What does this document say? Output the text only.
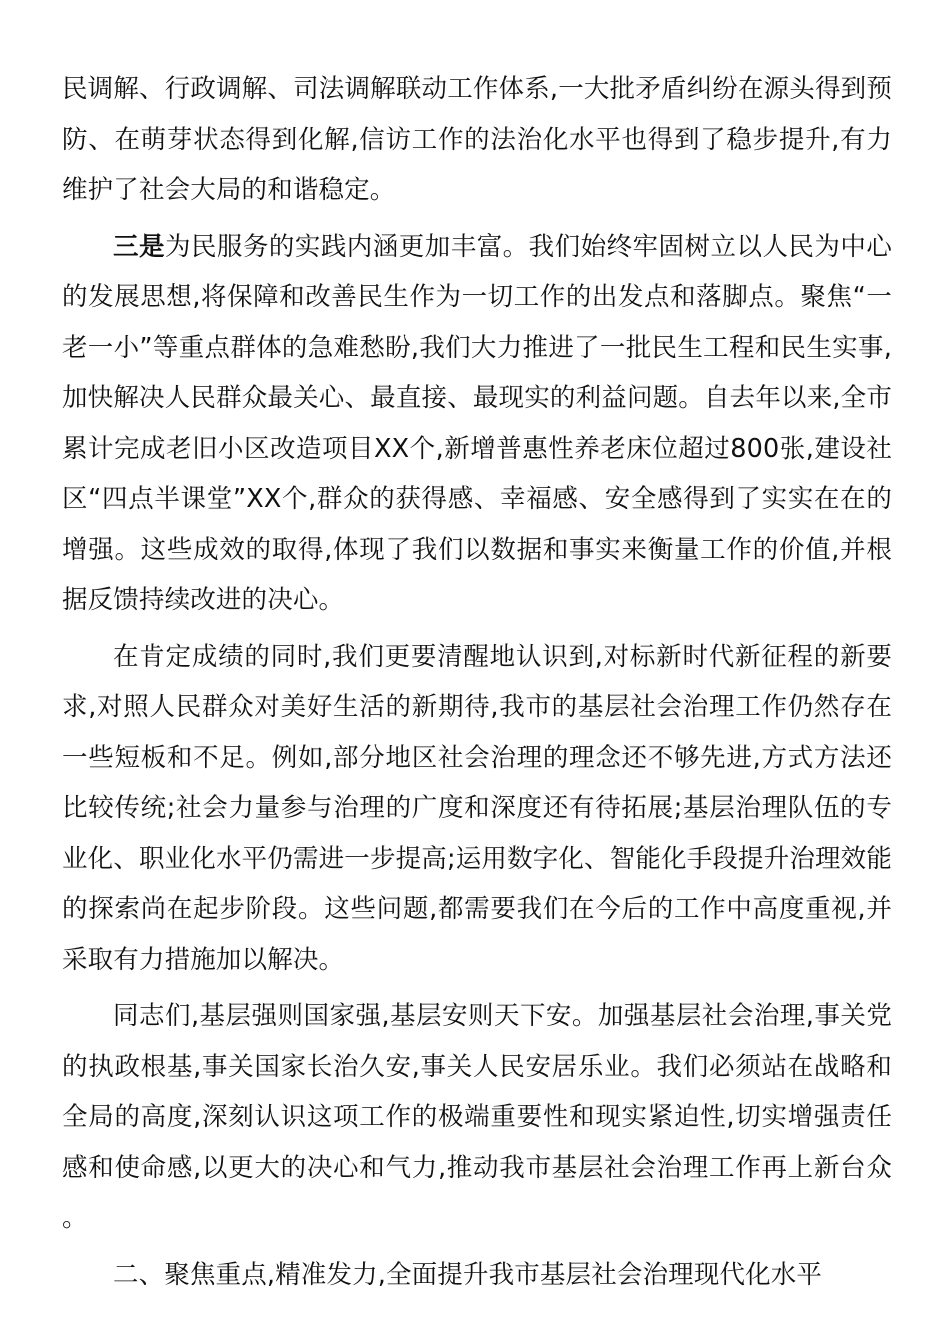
民调解、行政调解、司法调解联动工作体系,一大批矛盾纠纷在源头得到预防、在萌芽状态得到化解,信访工作的法治化水平也得到了稳步提升,有力维护了社会大局的和谐稳定。

三是为民服务的实践内涵更加丰富。我们始终牢固树立以人民为中心的发展思想,将保障和改善民生作为一切工作的出发点和落脚点。聚焦“一老一小”等重点群体的急难愁盼,我们大力推进了一批民生工程和民生实事,加快解决人民群众最关心、最直接、最现实的利益问题。自去年以来,全市累计完成老旧小区改造项目XX个,新增普惠性养老床位超过800张,建设社区“四点半课堂”XX个,群众的获得感、幸福感、安全感得到了实实在在的增强。这些成效的取得,体现了我们以数据和事实来衡量工作的价值,并根据反馈持续改进的决心。

在肯定成绩的同时,我们更要清醒地认识到,对标新时代新征程的新要求,对照人民群众对美好生活的新期待,我市的基层社会治理工作仍然存在一些短板和不足。例如,部分地区社会治理的理念还不够先进,方式方法还比较传统;社会力量参与治理的广度和深度还有待拓展;基层治理队伍的专业化、职业化水平仍需进一步提高;运用数字化、智能化手段提升治理效能的探索尚在起步阶段。这些问题,都需要我们在今后的工作中高度重视,并采取有力措施加以解决。

同志们,基层强则国家强,基层安则天下安。加强基层社会治理,事关党的执政根基,事关国家长治久安,事关人民安居乐业。我们必须站在战略和全局的高度,深刻认识这项工作的极端重要性和现实紧迫性,切实增强责任感和使命感,以更大的决心和气力,推动我市基层社会治理工作再上新台众。

二、聚焦重点,精准发力,全面提升我市基层社会治理现代化水平
